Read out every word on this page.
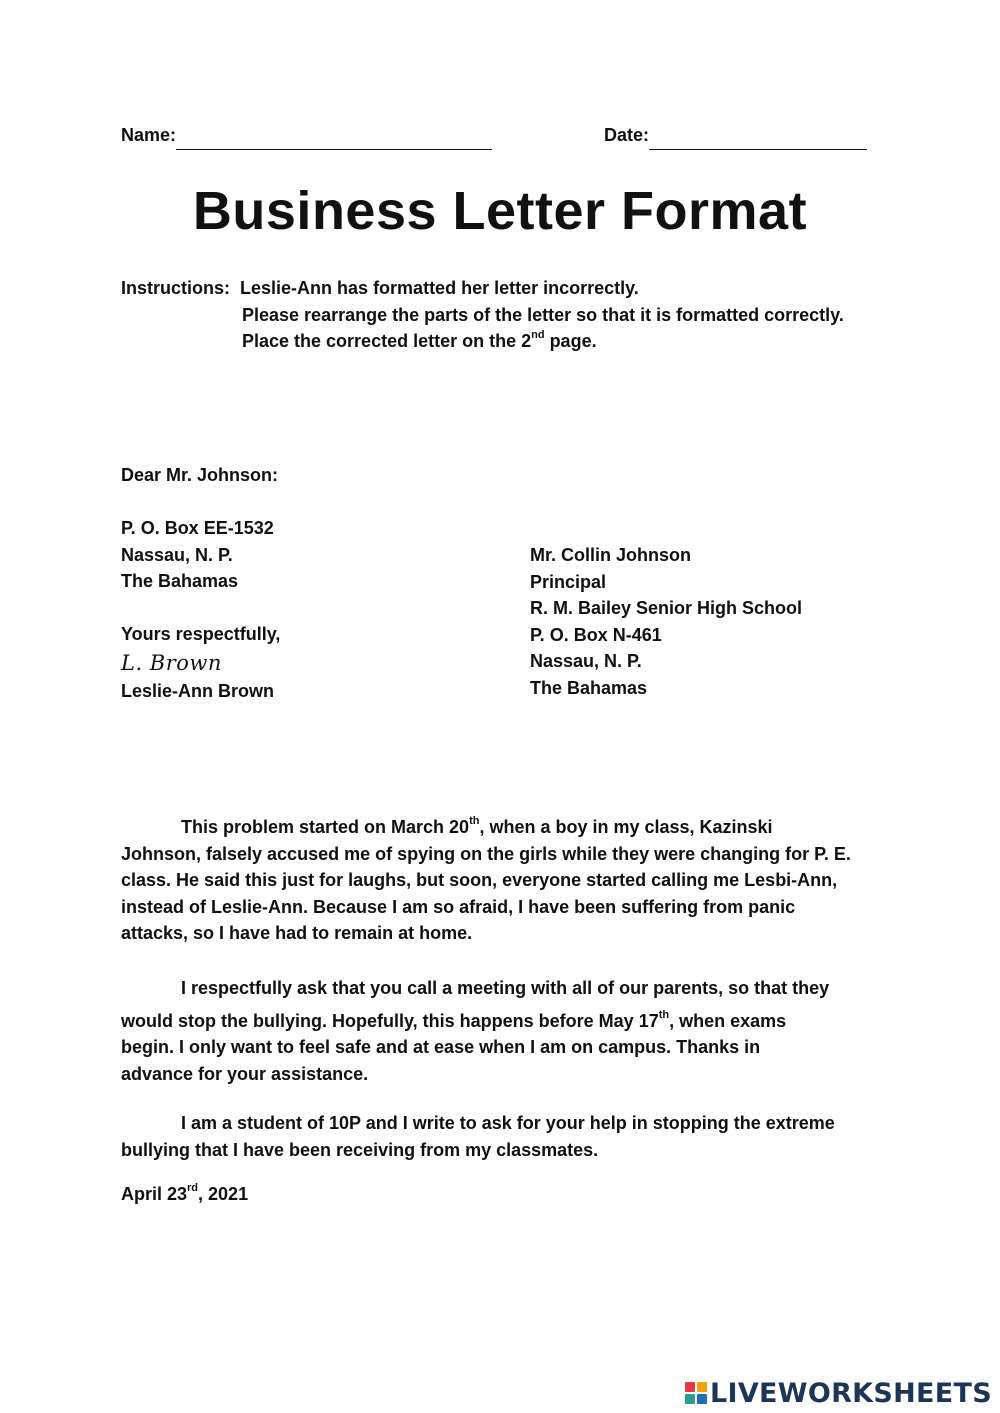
Name:	Date:
Business Letter Format
Instructions: Leslie-Ann has formatted her letter incorrectly.
Please rearrange the parts of the letter so that it is formatted correctly.
Place the corrected letter on the 2nd page.
Dear Mr. Johnson:
P. O. Box EE-1532
Nassau, N. P.
The Bahamas
Yours respectfully,
L. Brown
Leslie-Ann Brown
Mr. Collin Johnson
Principal
R. M. Bailey Senior High School
P. O. Box N-461
Nassau, N. P.
The Bahamas
This problem started on March 20th, when a boy in my class, Kazinski
Johnson, falsely accused me of spying on the girls while they were changing for P. E.
class. He said this just for laughs, but soon, everyone started calling me Lesbi-Ann,
instead of Leslie-Ann. Because I am so afraid, I have been suffering from panic
attacks, so I have had to remain at home.
I respectfully ask that you call a meeting with all of our parents, so that they
would stop the bullying. Hopefully, this happens before May 17th, when exams
begin. I only want to feel safe and at ease when I am on campus. Thanks in
advance for your assistance.
I am a student of 10P and I write to ask for your help in stopping the extreme
bullying that I have been receiving from my classmates.
April 23rd, 2021
LIVEWORKSHEETS
